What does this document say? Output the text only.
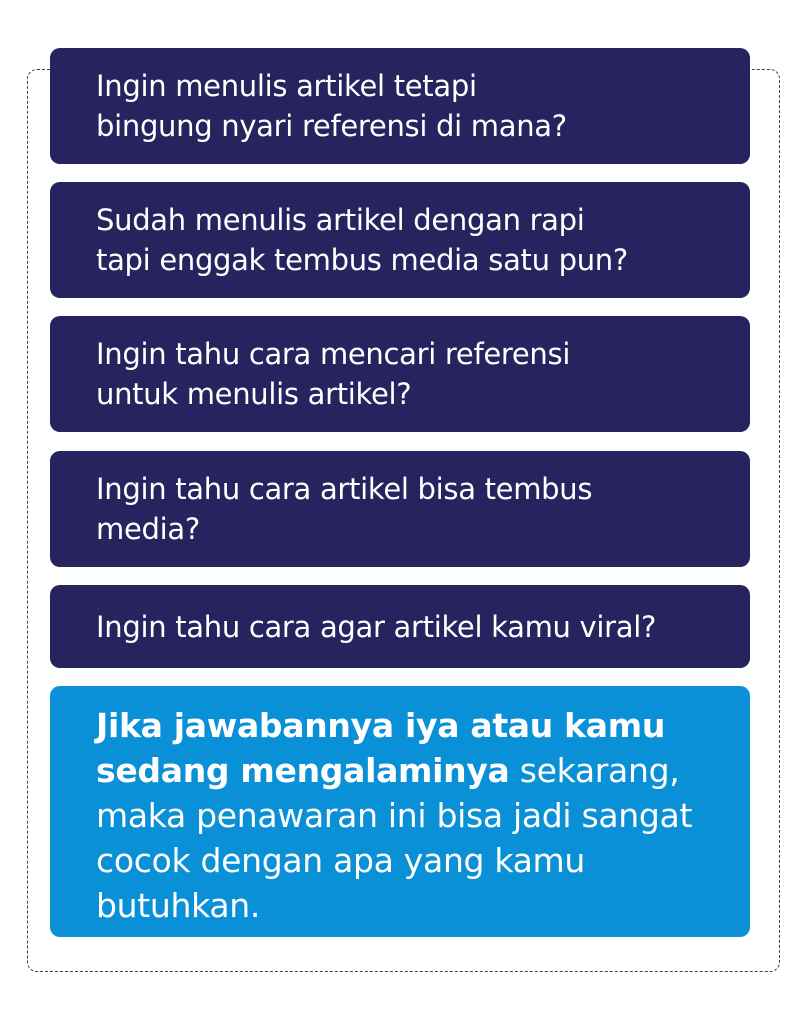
Ingin menulis artikel tetapi
bingung nyari referensi di mana?
Sudah menulis artikel dengan rapi
tapi enggak tembus media satu pun?
Ingin tahu cara mencari referensi
untuk menulis artikel?
Ingin tahu cara artikel bisa tembus
media?
Ingin tahu cara agar artikel kamu viral?
Jika jawabannya iya atau kamu sedang mengalaminya sekarang, maka penawaran ini bisa jadi sangat cocok dengan apa yang kamu butuhkan.
